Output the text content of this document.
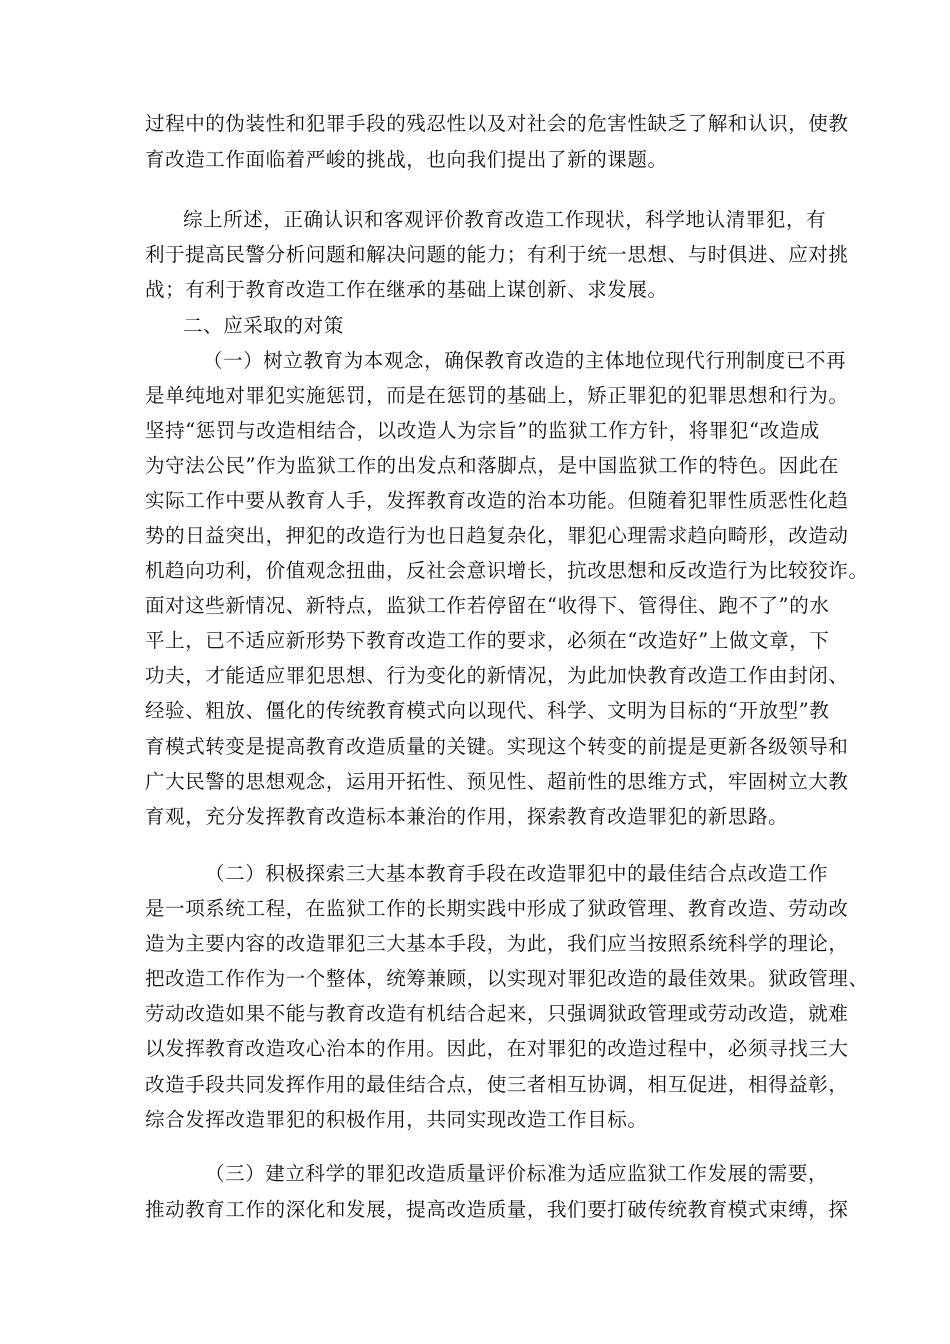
过程中的伪装性和犯罪手段的残忍性以及对社会的危害性缺乏了解和认识，使教
育改造工作面临着严峻的挑战，也向我们提出了新的课题。
综上所述，正确认识和客观评价教育改造工作现状，科学地认清罪犯，有
利于提高民警分析问题和解决问题的能力；有利于统一思想、与时俱进、应对挑
战；有利于教育改造工作在继承的基础上谋创新、求发展。
二、应采取的对策
（一）树立教育为本观念，确保教育改造的主体地位现代行刑制度已不再
是单纯地对罪犯实施惩罚，而是在惩罚的基础上，矫正罪犯的犯罪思想和行为。
坚持“惩罚与改造相结合，以改造人为宗旨”的监狱工作方针，将罪犯“改造成
为守法公民”作为监狱工作的出发点和落脚点，是中国监狱工作的特色。因此在
实际工作中要从教育人手，发挥教育改造的治本功能。但随着犯罪性质恶性化趋
势的日益突出，押犯的改造行为也日趋复杂化，罪犯心理需求趋向畸形，改造动
机趋向功利，价值观念扭曲，反社会意识增长，抗改思想和反改造行为比较狡诈。
面对这些新情况、新特点，监狱工作若停留在“收得下、管得住、跑不了”的水
平上，已不适应新形势下教育改造工作的要求，必须在“改造好”上做文章，下
功夫，才能适应罪犯思想、行为变化的新情况，为此加快教育改造工作由封闭、
经验、粗放、僵化的传统教育模式向以现代、科学、文明为目标的“开放型”教
育模式转变是提高教育改造质量的关键。实现这个转变的前提是更新各级领导和
广大民警的思想观念，运用开拓性、预见性、超前性的思维方式，牢固树立大教
育观，充分发挥教育改造标本兼治的作用，探索教育改造罪犯的新思路。
（二）积极探索三大基本教育手段在改造罪犯中的最佳结合点改造工作
是一项系统工程，在监狱工作的长期实践中形成了狱政管理、教育改造、劳动改
造为主要内容的改造罪犯三大基本手段，为此，我们应当按照系统科学的理论，
把改造工作作为一个整体，统筹兼顾，以实现对罪犯改造的最佳效果。狱政管理、
劳动改造如果不能与教育改造有机结合起来，只强调狱政管理或劳动改造，就难
以发挥教育改造攻心治本的作用。因此，在对罪犯的改造过程中，必须寻找三大
改造手段共同发挥作用的最佳结合点，使三者相互协调，相互促进，相得益彰，
综合发挥改造罪犯的积极作用，共同实现改造工作目标。
（三）建立科学的罪犯改造质量评价标准为适应监狱工作发展的需要，
推动教育工作的深化和发展，提高改造质量，我们要打破传统教育模式束缚，探
